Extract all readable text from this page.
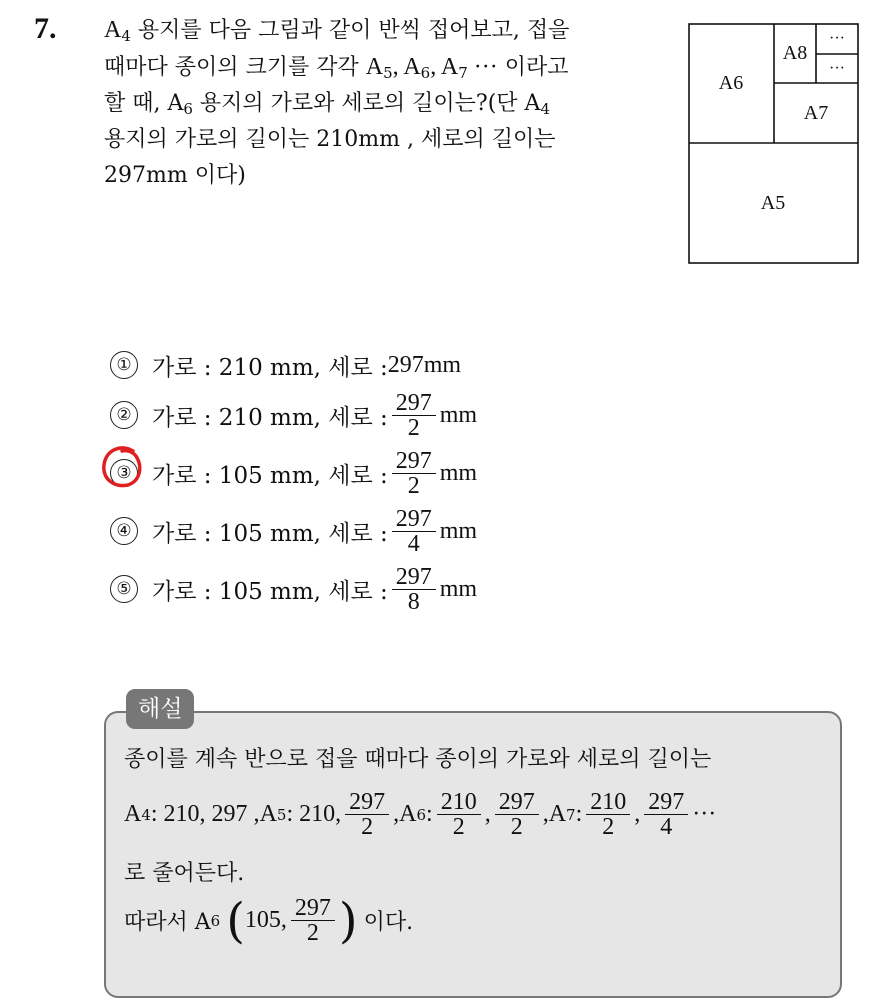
7. $A_4$ 용지를 다음 그림과 같이 반씩 접어보고, 접을
때마다 종이의 크기를 각각 $A_5$, $A_6$, $A_7$ ··· 이라고
할 때, $A_6$ 용지의 가로와 세로의 길이는?(단 $A_4$
용지의 가로의 길이는 210mm , 세로의 길이는
297mm 이다)
A6
A8
···
···
A7
A5
① 가로 : 210 mm, 세로 : 297 mm
② 가로 : 210 mm, 세로 : $\frac{297}{2}$ mm
③ 가로 : 105 mm, 세로 : $\frac{297}{2}$ mm
④ 가로 : 105 mm, 세로 : $\frac{297}{4}$ mm
⑤ 가로 : 105 mm, 세로 : $\frac{297}{8}$ mm
해설
종이를 계속 반으로 접을 때마다 종이의 가로와 세로의 길이는
A 4 : 210, 297 , A 5 : 210, $\frac{297}{2}$ , A 6 : $\frac{210}{2}$ , $\frac{297}{2}$ , A 7 : $\frac{210}{2}$ , $\frac{297}{4}$ ···
로 줄어든다.
따라서 A 6 ( 105, $\frac{297}{2}$ ) 이다.
